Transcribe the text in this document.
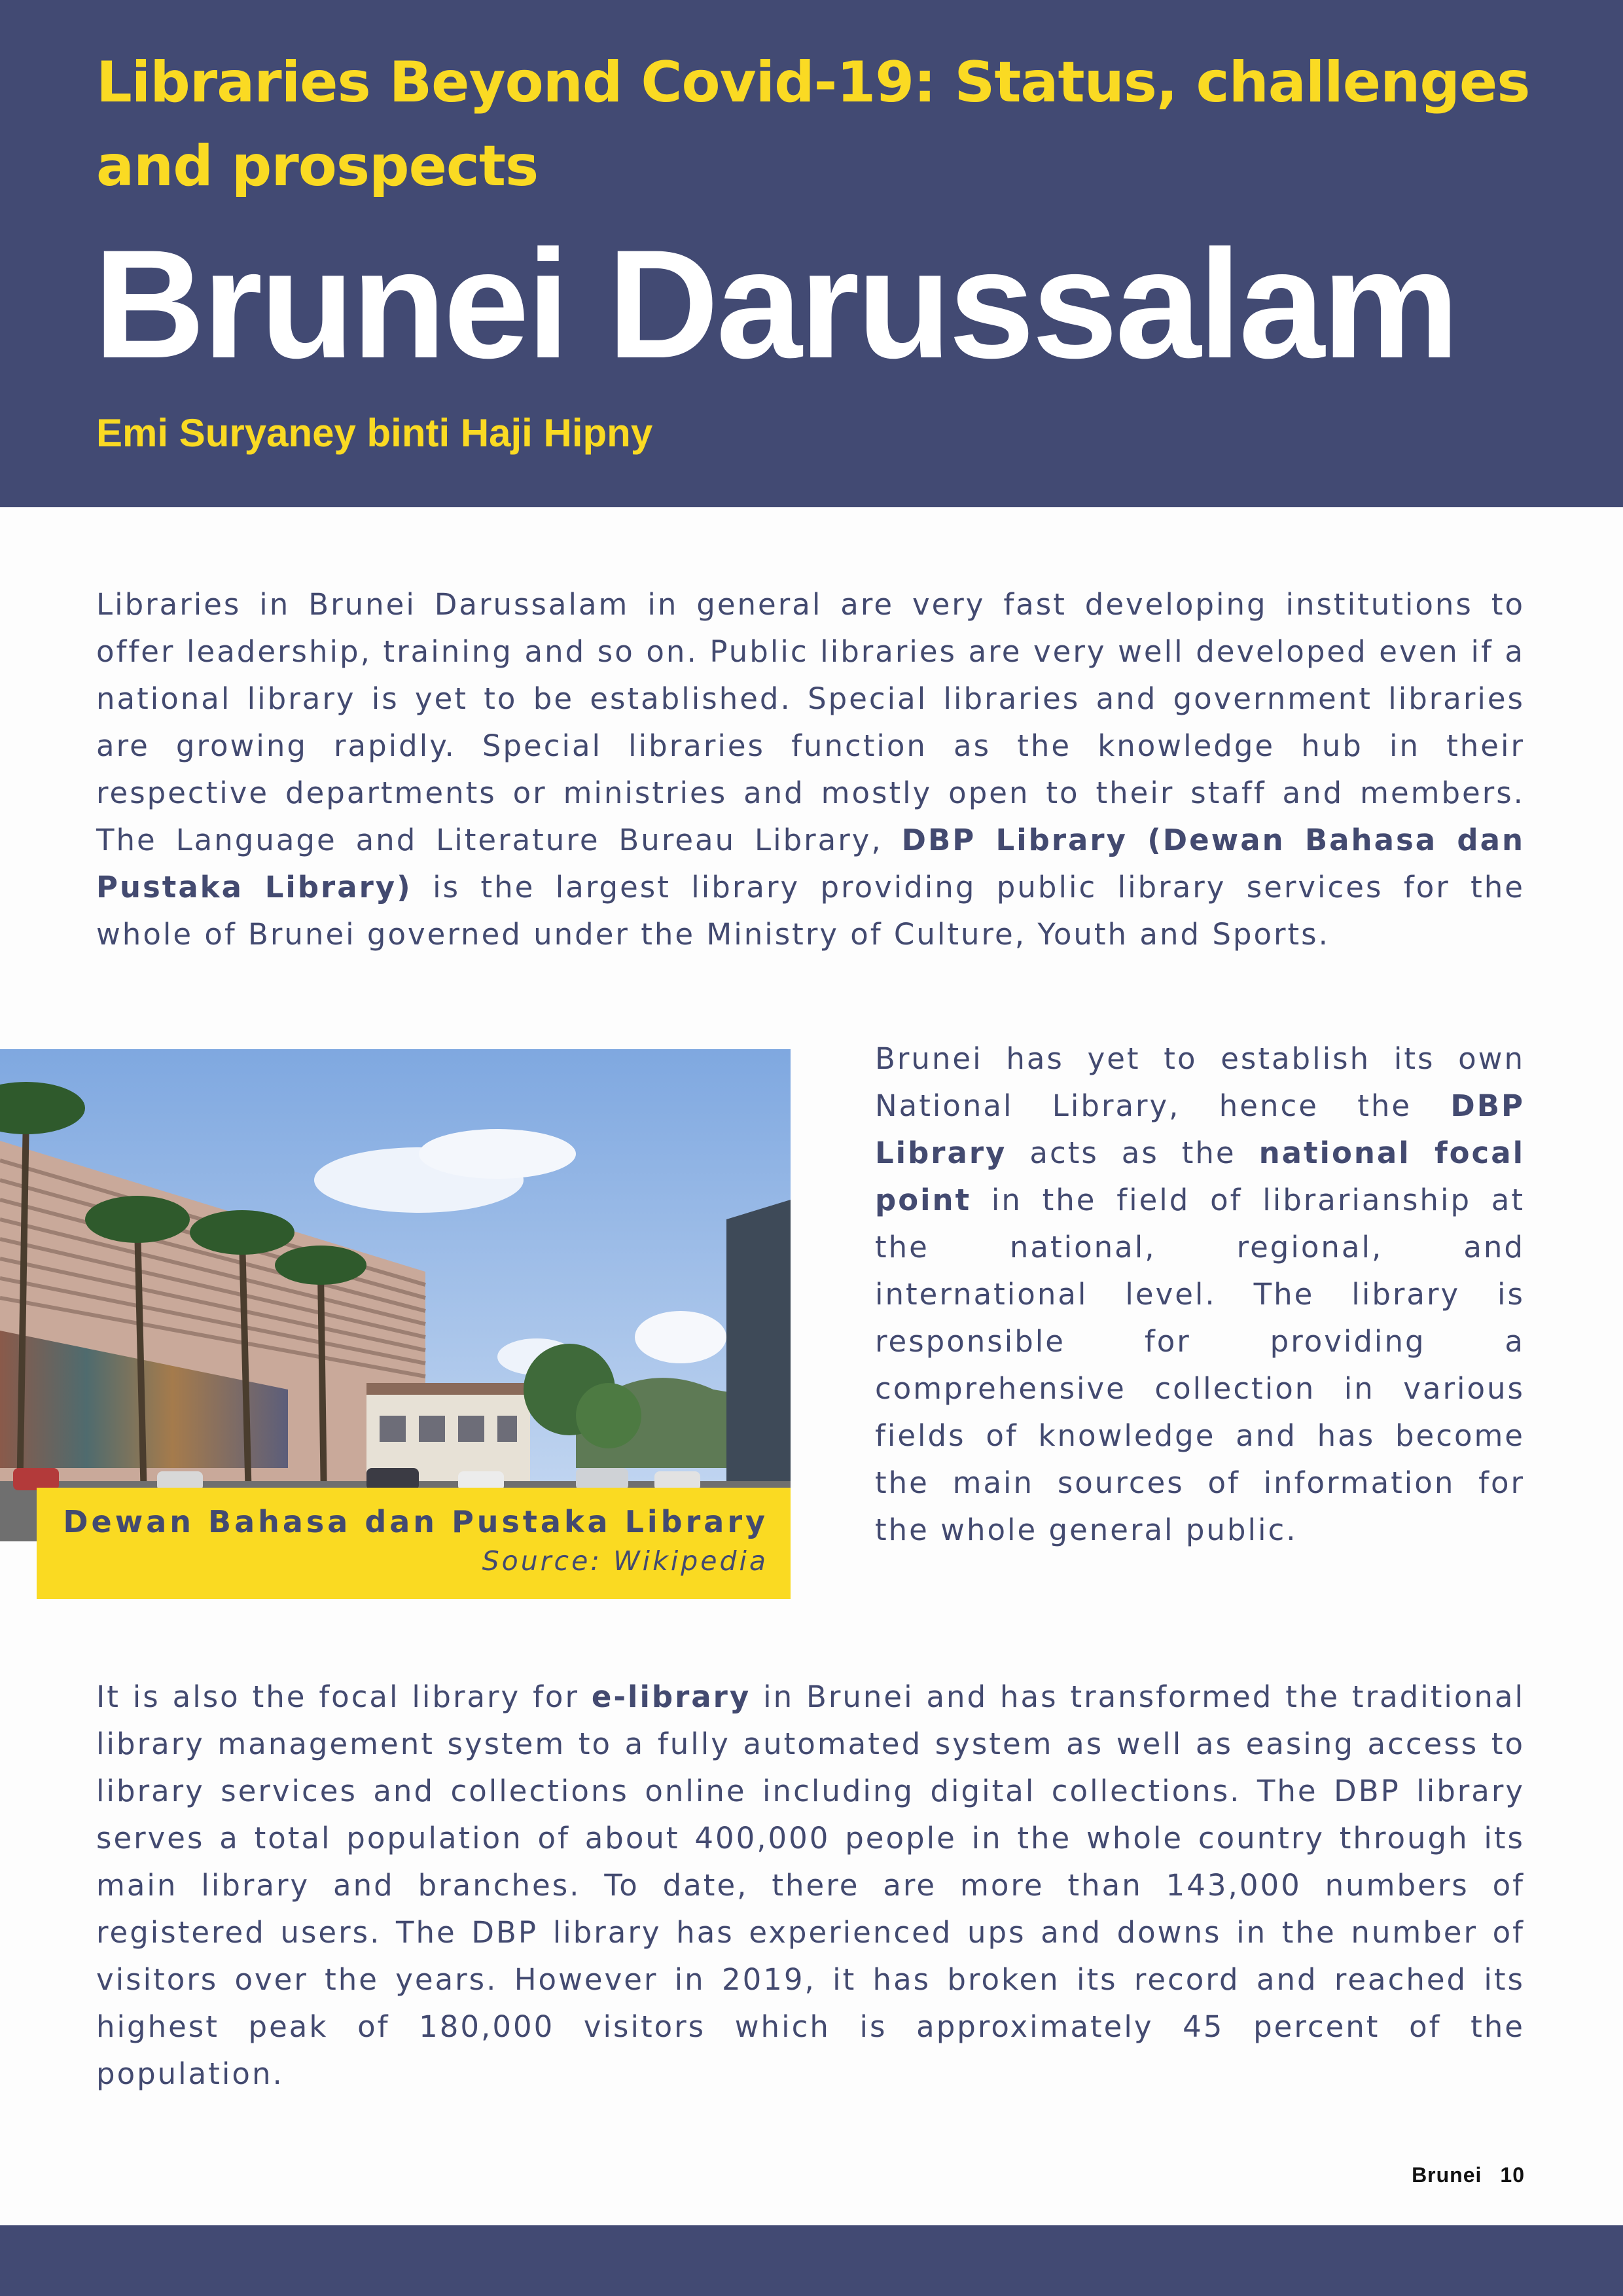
Libraries Beyond Covid-19: Status, challenges and prospects
Brunei Darussalam
Emi Suryaney binti Haji Hipny

Libraries in Brunei Darussalam in general are very fast developing institutions to offer leadership, training and so on. Public libraries are very well developed even if a national library is yet to be established. Special libraries and government libraries are growing rapidly. Special libraries function as the knowledge hub in their respective departments or ministries and mostly open to their staff and members. The Language and Literature Bureau Library, DBP Library (Dewan Bahasa dan Pustaka Library) is the largest library providing public library services for the whole of Brunei governed under the Ministry of Culture, Youth and Sports.

Dewan Bahasa dan Pustaka Library
Source: Wikipedia

Brunei has yet to establish its own National Library, hence the DBP Library acts as the national focal point in the field of librarianship at the national, regional, and international level. The library is responsible for providing a comprehensive collection in various fields of knowledge and has become the main sources of information for the whole general public.

It is also the focal library for e-library in Brunei and has transformed the traditional library management system to a fully automated system as well as easing access to library services and collections online including digital collections. The DBP library serves a total population of about 400,000 people in the whole country through its main library and branches. To date, there are more than 143,000 numbers of registered users. The DBP library has experienced ups and downs in the number of visitors over the years. However in 2019, it has broken its record and reached its highest peak of 180,000 visitors which is approximately 45 percent of the population.

Brunei 10
